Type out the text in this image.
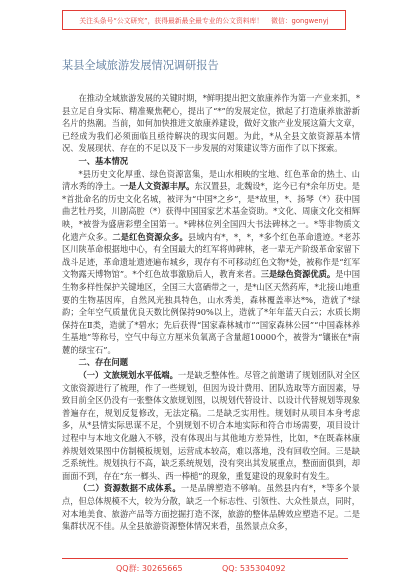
关注头条号“公文研究”，获得最新最全最专业的公文资料库！ 微信：gongwenyj
某县全域旅游发展情况调研报告

在推动全域旅游发展的关键时期，*鲜明提出把文旅康养作为第一产业来抓，*县立足自身实际、精准聚焦靶心，提出了“*”的发展定位，掀起了打造康养旅游新名片的热潮。当前，如何加快推进文旅康养建设，做好文旅产业发展这篇大文章，已经成为我们必须面临且亟待解决的现实问题。为此，*从全县文旅资源基本情况、发展现状、存在的不足以及下一步发展的对策建议等方面作了以下探索。

一、基本情况

*县历史文化厚重、绿色资源富集，是山水相映的宝地、红色革命的热土、山清水秀的净土。一是人文资源丰厚。东汉置县，北魏设*，迄今已有*余年历史。是*首批命名的历史文化名城，被评为“中国*之乡”，是*故里，*、扬琴（*）获中国曲艺牡丹奖，川剧高腔（*）获得中国国家艺术基金资助。*文化、周康文化交相辉映，*被誉为盛唐彩塑全国第一。*碑林位列全国四大书法碑林之一。*等非物质文化遗产众多。二是红色资源众多。县域内有*，*，*，*多个红色革命遗迹。*老苏区川陕革命根据地中心，有全国最大的红军将帅碑林，老一辈无产阶级革命家留下战斗足迹，革命遗址遗迹遍布城乡，现存有不可移动红色文物*处，被称作是“红军文物露天博物馆”。*个红色故事激励后人，教育来者。三是绿色资源优质。是中国生物多样性保护关键地区，全国三大富硒带之一，是*山区天然药库，*北接山地重要的生物基因库，自然风光独具特色，山水秀美，森林覆盖率达*%，造就了*绿韵；全年空气质量优良天数比例保持90%以上，造就了*年年蓝天白云；水质长期保持在Ⅱ类，造就了*碧水；先后获得“国家森林城市”“国家森林公园”“中国森林养生基地”等称号，空气中每立方厘米负氧离子含量超10000个，被誉为“镶嵌在*南麓的绿宝石”。

二、存在问题

（一）文旅规划水平低端。一是缺乏整体性。尽管之前邀请了规划团队对全区文旅资源进行了梳理，作了一些规划，但因为设计费用、团队选取等方面因素，导致目前全区仍没有一张整体文旅规划图，以规划代替设计、以设计代替规划等现象普遍存在，规划反复修改，无法定稿。二是缺乏实用性。规划时从项目本身考虑多，从*县情实际思谋不足，个别规划不切合本地实际和符合市场需要，项目设计过程中与本地文化融入不够，没有体现出与其他地方差异性，比如，*在既森林康养规划效果图中仿制模板规划，运营成本较高，难以落地，没有回收空间。三是缺乏系统性。规划执行不高，缺乏系统规划，没有突出其发展重点，整面面俱到，却面面不到，存在“东一榔头、西一棒槌”的现象，重复建设的现象时有发生。

（二）资源数据不成体系。一是品牌塑造不够响。虽然县内有*，*等多个景点，但总体规模不大，较为分散，缺乏一个标志性、引领性、大众性景点，同时，对本地美食、旅游产品等方面挖掘打造不深，旅游的整体品牌效应塑造不足。二是集群状况不佳。从全县旅游资源整体情况来看，虽然景点众多，

QQ群: 30265665	QQ: 535304092
